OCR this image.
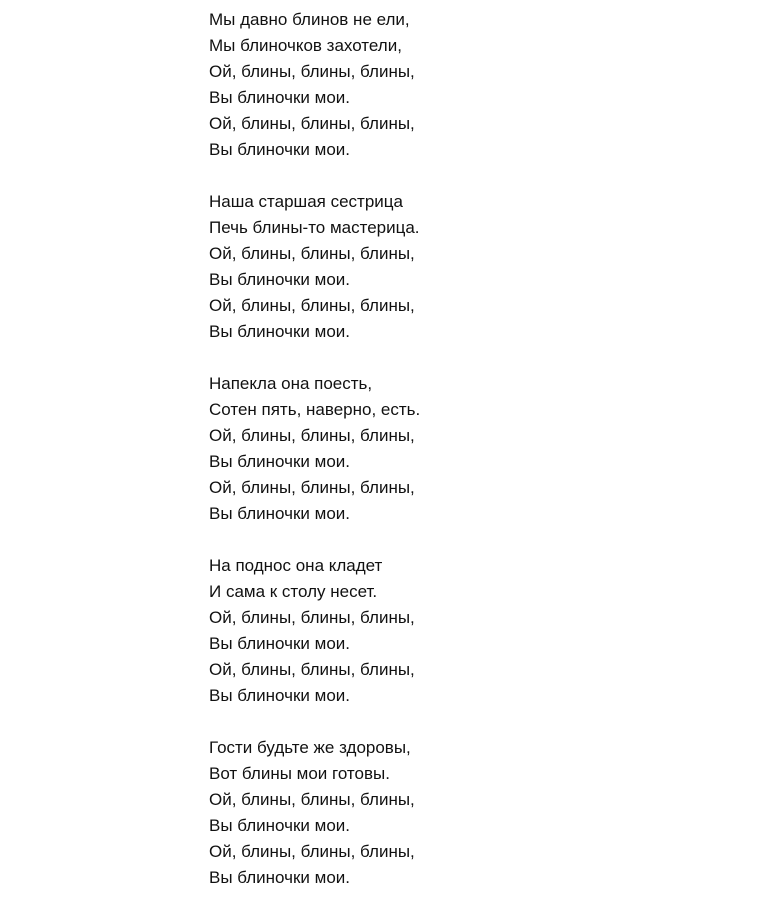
Мы давно блинов не ели,
Мы блиночков захотели,
Ой, блины, блины, блины,
Вы блиночки мои.
Ой, блины, блины, блины,
Вы блиночки мои.
Наша старшая сестрица
Печь блины-то мастерица.
Ой, блины, блины, блины,
Вы блиночки мои.
Ой, блины, блины, блины,
Вы блиночки мои.
Напекла она поесть,
Сотен пять, наверно, есть.
Ой, блины, блины, блины,
Вы блиночки мои.
Ой, блины, блины, блины,
Вы блиночки мои.
На поднос она кладет
И сама к столу несет.
Ой, блины, блины, блины,
Вы блиночки мои.
Ой, блины, блины, блины,
Вы блиночки мои.
Гости будьте же здоровы,
Вот блины мои готовы.
Ой, блины, блины, блины,
Вы блиночки мои.
Ой, блины, блины, блины,
Вы блиночки мои.
